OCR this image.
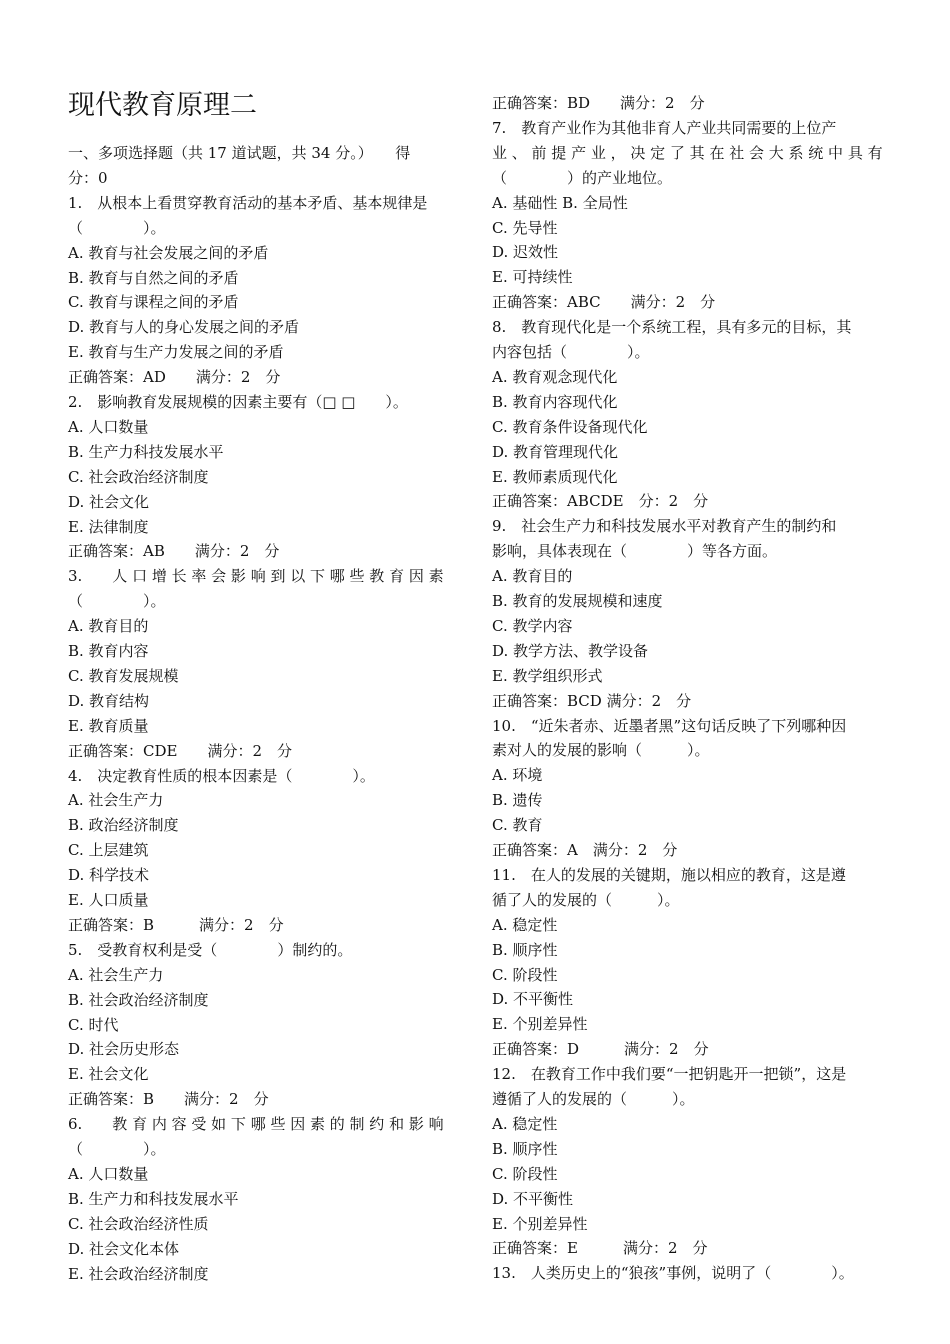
现代教育原理二
一、多项选择题（共 17 道试题，共 34 分。）　　得
分：0
1.　从根本上看贯穿教育活动的基本矛盾、基本规律是
（　　　　）。
A. 教育与社会发展之间的矛盾
B. 教育与自然之间的矛盾
C. 教育与课程之间的矛盾
D. 教育与人的身心发展之间的矛盾
E. 教育与生产力发展之间的矛盾
正确答案：AD　　满分：2　分
2.　影响教育发展规模的因素主要有（□ □　　）。
A. 人口数量
B. 生产力科技发展水平
C. 社会政治经济制度
D. 社会文化
E. 法律制度
正确答案：AB　　满分：2　分
3.　　人 口 增 长 率 会 影 响 到 以 下 哪 些 教 育 因 素
（　　　　）。
A. 教育目的
B. 教育内容
C. 教育发展规模
D. 教育结构
E. 教育质量
正确答案：CDE　　满分：2　分
4.　决定教育性质的根本因素是（　　　　）。
A. 社会生产力
B. 政治经济制度
C. 上层建筑
D. 科学技术
E. 人口质量
正确答案：B　　　满分：2　分
5.　受教育权利是受（　　　　）制约的。
A. 社会生产力
B. 社会政治经济制度
C. 时代
D. 社会历史形态
E. 社会文化
正确答案：B　　满分：2　分
6.　　教 育 内 容 受 如 下 哪 些 因 素 的 制 约 和 影 响
（　　　　）。
A. 人口数量
B. 生产力和科技发展水平
C. 社会政治经济性质
D. 社会文化本体
E. 社会政治经济制度
正确答案：BD　　满分：2　分
7.　教育产业作为其他非育人产业共同需要的上位产
业 、 前 提 产 业 ， 决 定 了 其 在 社 会 大 系 统 中 具 有
（　　　　）的产业地位。
A. 基础性 B. 全局性
C. 先导性
D. 迟效性
E. 可持续性
正确答案：ABC　　满分：2　分
8.　教育现代化是一个系统工程，具有多元的目标，其
内容包括（　　　　）。
A. 教育观念现代化
B. 教育内容现代化
C. 教育条件设备现代化
D. 教育管理现代化
E. 教师素质现代化
正确答案：ABCDE　分：2　分
9.　社会生产力和科技发展水平对教育产生的制约和
影响，具体表现在（　　　　）等各方面。
A. 教育目的
B. 教育的发展规模和速度
C. 教学内容
D. 教学方法、教学设备
E. 教学组织形式
正确答案：BCD 满分：2　分
10.　“近朱者赤、近墨者黑”这句话反映了下列哪种因
素对人的发展的影响（　　　）。
A. 环境
B. 遗传
C. 教育
正确答案：A　满分：2　分
11.　在人的发展的关键期，施以相应的教育，这是遵
循了人的发展的（　　　）。
A. 稳定性
B. 顺序性
C. 阶段性
D. 不平衡性
E. 个别差异性
正确答案：D　　　满分：2　分
12.　在教育工作中我们要“一把钥匙开一把锁”，这是
遵循了人的发展的（　　　）。
A. 稳定性
B. 顺序性
C. 阶段性
D. 不平衡性
E. 个别差异性
正确答案：E　　　满分：2　分
13.　人类历史上的“狼孩”事例，说明了（　　　　）。
